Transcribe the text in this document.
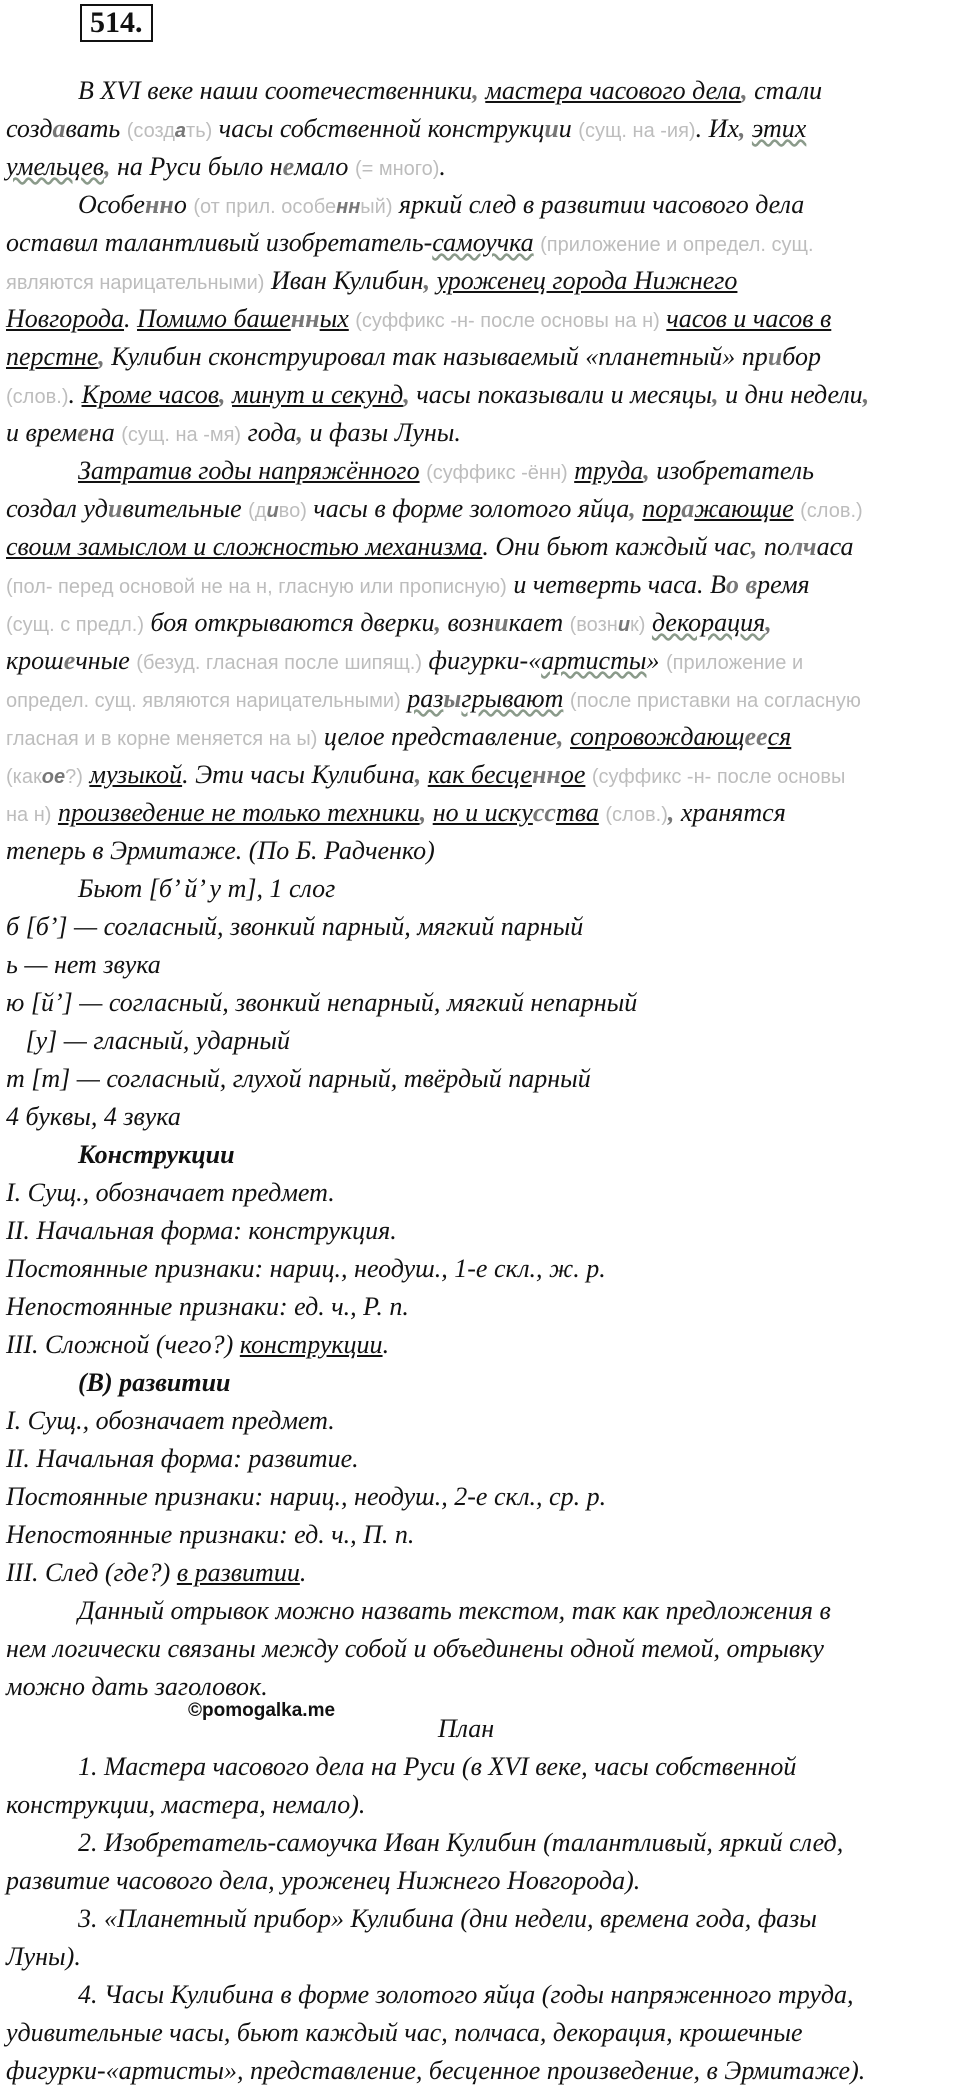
514.
В XVI веке наши соотечественники, мастера часового дела, стали
создавать (создать) часы собственной конструкции (сущ. на -ия). Их, этих
умельцев, на Руси было немало (= много).
Особенно (от прил. особенный) яркий след в развитии часового дела
оставил талантливый изобретатель-самоучка (приложение и определ. сущ.
являются нарицательными) Иван Кулибин, уроженец города Нижнего
Новгорода. Помимо башенных (суффикс -н- после основы на н) часов и часов в
перстне, Кулибин сконструировал так называемый «планетный» прибор
(слов.). Кроме часов, минут и секунд, часы показывали и месяцы, и дни недели,
и времена (сущ. на -мя) года, и фазы Луны.
Затратив годы напряжённого (суффикс -ённ) труда, изобретатель
создал удивительные (диво) часы в форме золотого яйца, поражающие (слов.)
своим замыслом и сложностью механизма. Они бьют каждый час, полчаса
(пол- перед основой не на н, гласную или прописную) и четверть часа. Во время
(сущ. с предл.) боя открываются дверки, возникает (возник) декорация,
крошечные (безуд. гласная после шипящ.) фигурки-«артисты» (приложение и
определ. сущ. являются нарицательными) разыгрывают (после приставки на согласную
гласная и в корне меняется на ы) целое представление, сопровождающееся
(какое?) музыкой. Эти часы Кулибина, как бесценное (суффикс -н- после основы
на н) произведение не только техники, но и искусства (слов.), хранятся
теперь в Эрмитаже. (По Б. Радченко)
Бьют [б’ й’ у т], 1 слог
б [б’] — согласный, звонкий парный, мягкий парный
ь — нет звука
ю [й’] — согласный, звонкий непарный, мягкий непарный
[у] — гласный, ударный
т [т] — согласный, глухой парный, твёрдый парный
4 буквы, 4 звука
Конструкции
I. Сущ., обозначает предмет.
II. Начальная форма: конструкция.
Постоянные признаки: нариц., неодуш., 1-е скл., ж. р.
Непостоянные признаки: ед. ч., Р. п.
III. Сложной (чего?) конструкции.
(В) развитии
I. Сущ., обозначает предмет.
II. Начальная форма: развитие.
Постоянные признаки: нариц., неодуш., 2-е скл., ср. р.
Непостоянные признаки: ед. ч., П. п.
III. След (где?) в развитии.
Данный отрывок можно назвать текстом, так как предложения в
нем логически связаны между собой и объединены одной темой, отрывку
можно дать заголовок.
План
1. Мастера часового дела на Руси (в XVI веке, часы собственной
конструкции, мастера, немало).
2. Изобретатель-самоучка Иван Кулибин (талантливый, яркий след,
развитие часового дела, уроженец Нижнего Новгорода).
3. «Планетный прибор» Кулибина (дни недели, времена года, фазы
Луны).
4. Часы Кулибина в форме золотого яйца (годы напряженного труда,
удивительные часы, бьют каждый час, полчаса, декорация, крошечные
фигурки-«артисты», представление, бесценное произведение, в Эрмитаже).
©pomogalka.me
